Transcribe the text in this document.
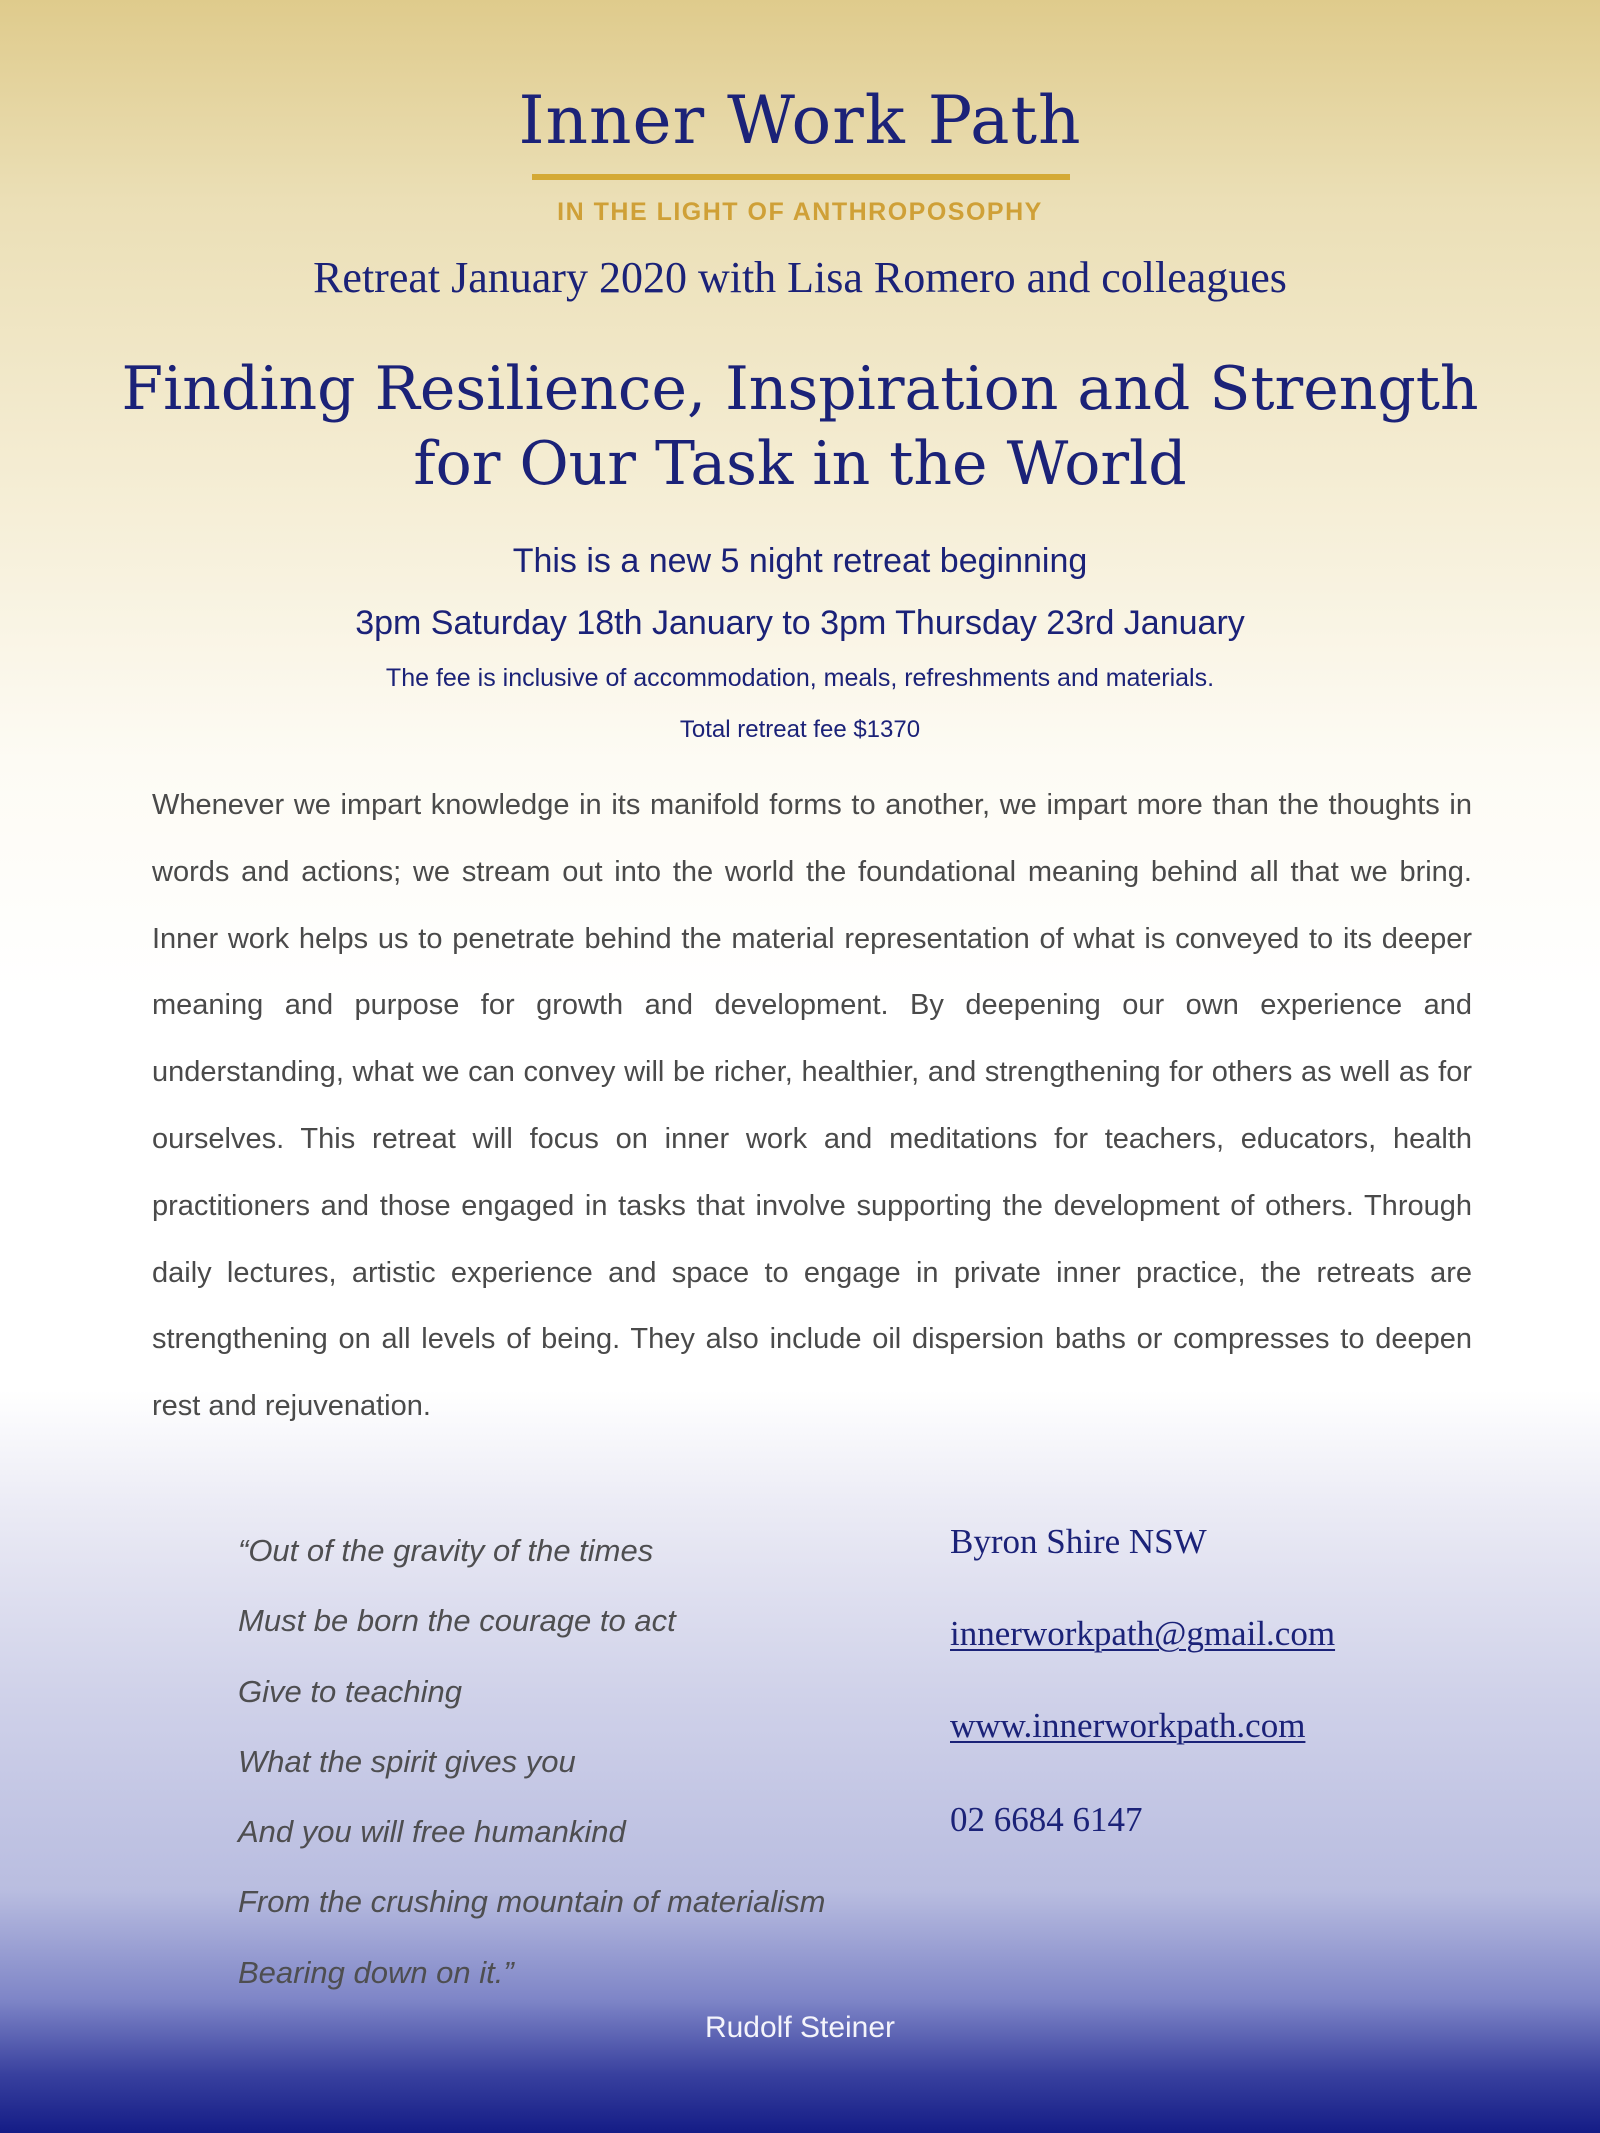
Inner Work Path
IN THE LIGHT OF ANTHROPOSOPHY
Retreat January 2020 with Lisa Romero and colleagues
Finding Resilience, Inspiration and Strength
for Our Task in the World
This is a new 5 night retreat beginning
3pm Saturday 18th January to 3pm Thursday 23rd January
The fee is inclusive of accommodation, meals, refreshments and materials.
Total retreat fee $1370

Whenever we impart knowledge in its manifold forms to another, we impart more than the thoughts in words and actions; we stream out into the world the foundational meaning behind all that we bring. Inner work helps us to penetrate behind the material representation of what is conveyed to its deeper meaning and purpose for growth and development. By deepening our own experience and understanding, what we can convey will be richer, healthier, and strengthening for others as well as for ourselves. This retreat will focus on inner work and meditations for teachers, educators, health practitioners and those engaged in tasks that involve supporting the development of others. Through daily lectures, artistic experience and space to engage in private inner practice, the retreats are strengthening on all levels of being. They also include oil dispersion baths or compresses to deepen rest and rejuvenation.

“Out of the gravity of the times
Must be born the courage to act
Give to teaching
What the spirit gives you
And you will free humankind
From the crushing mountain of materialism
Bearing down on it.”
Rudolf Steiner
Byron Shire NSW
innerworkpath@gmail.com
www.innerworkpath.com
02 6684 6147
